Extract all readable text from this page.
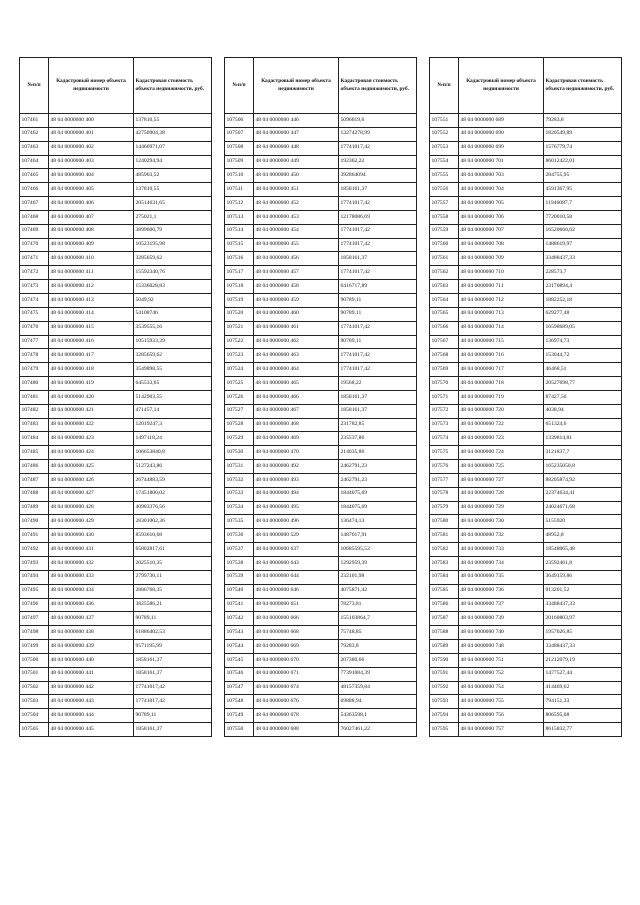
№п/п	Кадастровый номер объекта недвижимости	Кадастровая стоимость объекта недвижимости, руб.
107461	48 04 0000000 400	137810,55
107462	48 04 0000000 401	42756904,38
107463	48 04 0000000 402	14466971,07
107464	48 04 0000000 403	1240294,94
107465	48 04 0000000 404	485963,52
107466	48 04 0000000 405	137810,55
107467	48 04 0000000 406	20514631,65
107468	48 04 0000000 407	275021,1
107469	48 04 0000000 408	3899600,79
107470	48 04 0000000 409	10523195,98
107471	48 04 0000000 410	3285659,62
107472	48 04 0000000 411	15592340,76
107473	48 04 0000000 412	15336028,83
107474	48 04 0000000 413	5049,92
107475	48 04 0000000 414	54108746
107476	48 04 0000000 415	3539555,16
107477	48 04 0000000 416	10515933,39
107478	48 04 0000000 417	3285659,62
107479	48 04 0000000 418	3549898,55
107480	48 04 0000000 419	645533,65
107481	48 04 0000000 420	5142903,55
107482	48 04 0000000 421	471457,14
107483	48 04 0000000 422	12019247,3
107484	48 04 0000000 423	1497118,24
107485	48 04 0000000 424	106653840,8
107486	48 04 0000000 425	5127243,86
107487	48 04 0000000 426	26744883,59
107488	48 04 0000000 427	17451800,02
107489	48 04 0000000 428	40983376,56
107490	48 04 0000000 429	28301002,36
107491	48 04 0000000 430	8593610,68
107492	48 04 0000000 431	65802817,61
107493	48 04 0000000 432	2025510,35
107494	48 04 0000000 433	2799730,11
107495	48 04 0000000 434	2886768,35
107496	48 04 0000000 436	3825586,21
107497	48 04 0000000 437	90789,11
107498	48 04 0000000 438	61886402,53
107499	48 04 0000000 439	9571195,99
107500	48 04 0000000 440	1858161,37
107501	48 04 0000000 441	1858161,37
107502	48 04 0000000 442	17741017,42
107503	48 04 0000000 443	17741017,42
107504	48 04 0000000 444	90789,11
107505	48 04 0000000 445	1858161,37
№п/п	Кадастровый номер объекта недвижимости	Кадастровая стоимость объекта недвижимости, руб.
107506	48 04 0000000 446	5096019,6
107507	48 04 0000000 447	13274278,99
107508	48 04 0000000 448	17741017,42
107509	48 04 0000000 449	192362,22
107510	48 04 0000000 450	392864094
107511	48 04 0000000 451	1858161,37
107512	48 04 0000000 452	17741017,42
107513	48 04 0000000 453	12178086,69
107514	48 04 0000000 454	17741017,42
107515	48 04 0000000 455	17741017,42
107516	48 04 0000000 456	1858161,37
107517	48 04 0000000 457	17741017,42
107518	48 04 0000000 458	6416717,89
107519	48 04 0000000 459	90789,11
107520	48 04 0000000 460	90789,11
107521	48 04 0000000 461	17741017,42
107522	48 04 0000000 462	90789,11
107523	48 04 0000000 463	17741017,42
107524	48 04 0000000 464	17741017,42
107525	48 04 0000000 465	19568,22
107526	48 04 0000000 466	1858161,37
107527	48 04 0000000 467	1858161,37
107528	48 04 0000000 468	231782,85
107529	48 04 0000000 469	235537,86
107530	48 04 0000000 470	214035,86
107531	48 04 0000000 492	2462791,23
107532	48 04 0000000 493	2462791,23
107533	48 04 0000000 494	1844075,69
107534	48 04 0000000 495	1844075,69
107535	48 04 0000000 496	136474,13
107536	48 04 0000000 529	1487017,91
107537	48 04 0000000 637	10685595,52
107538	48 04 0000000 643	1292959,39
107539	48 04 0000000 644	232101,98
107540	48 04 0000000 646	4075871,42
107541	48 04 0000000 651	78273,81
107542	48 04 0000000 666	155103864,7
107543	48 04 0000000 668	75748,85
107544	48 04 0000000 669	79283,8
107545	48 04 0000000 670	207380,66
107546	48 04 0000000 671	77391084,39
107547	48 04 0000000 674	48157359,84
107548	48 04 0000000 676	69888,94
107549	48 04 0000000 678	54363598,1
107550	48 04 0000000 688	76027461,22
№п/п	Кадастровый номер объекта недвижимости	Кадастровая стоимость объекта недвижимости, руб.
107551	48 04 0000000 689	79283,8
107552	48 04 0000000 690	1820549,89
107553	48 04 0000000 699	1576779,74
107554	48 04 0000000 701	86012422,01
107555	48 04 0000000 703	284755,95
107556	48 04 0000000 704	4591367,95
107557	48 04 0000000 705	11946087,7
107558	48 04 0000000 706	7720010,58
107559	48 04 0000000 707	16520660,62
107560	48 04 0000000 708	1488619,97
107561	48 04 0000000 709	33488437,33
107562	48 04 0000000 710	228573,7
107563	48 04 0000000 711	23170894,4
107564	48 04 0000000 712	1882252,18
107565	48 04 0000000 713	629277,48
107566	48 04 0000000 714	16598689,05
107567	48 04 0000000 715	136974,73
107568	48 04 0000000 716	153044,72
107569	48 04 0000000 717	46468,51
107570	48 04 0000000 718	20527698,77
107571	48 04 0000000 719	87427,56
107572	48 04 0000000 720	4038,94
107573	48 04 0000000 722	651324,6
107574	48 04 0000000 723	1339814,81
107575	48 04 0000000 724	3121837,7
107576	48 04 0000000 725	165235050,8
107577	48 04 0000000 727	88205874,92
107578	48 04 0000000 728	22374634,41
107579	48 04 0000000 729	24024671,68
107580	48 04 0000000 730	5155920
107581	48 04 0000000 732	48952,8
107582	48 04 0000000 733	18548065,48
107583	48 04 0000000 734	23592461,8
107584	48 04 0000000 735	3649159,86
107585	48 04 0000000 736	913201,52
107586	48 04 0000000 737	33488437,33
107587	48 04 0000000 739	20160803,97
107588	48 04 0000000 740	1957026,85
107589	48 04 0000000 748	33488437,33
107590	48 04 0000000 751	21212079,19
107591	48 04 0000000 752	1477527,44
107592	48 04 0000000 754	414469,62
107593	48 04 0000000 755	794151,33
107594	48 04 0000000 756	806595,08
107595	48 04 0000000 757	8615832,77
